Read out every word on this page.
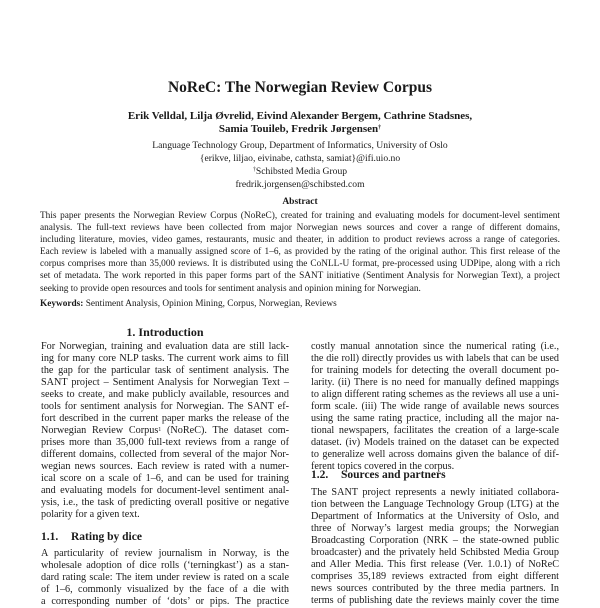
NoReC: The Norwegian Review Corpus
Erik Velldal, Lilja Øvrelid, Eivind Alexander Bergem, Cathrine Stadsnes,
Samia Touileb, Fredrik Jørgensen†
Language Technology Group, Department of Informatics, University of Oslo
{erikve, liljao, eivinabe, cathsta, samiat}@ifi.uio.no
†Schibsted Media Group
fredrik.jorgensen@schibsted.com
Abstract
This paper presents the Norwegian Review Corpus (NoReC), created for training and evaluating models for document-level sentiment
analysis. The full-text reviews have been collected from major Norwegian news sources and cover a range of different domains,
including literature, movies, video games, restaurants, music and theater, in addition to product reviews across a range of categories.
Each review is labeled with a manually assigned score of 1–6, as provided by the rating of the original author. This first release of the
corpus comprises more than 35,000 reviews. It is distributed using the CoNLL-U format, pre-processed using UDPipe, along with a rich
set of metadata. The work reported in this paper forms part of the SANT initiative (Sentiment Analysis for Norwegian Text), a project
seeking to provide open resources and tools for sentiment analysis and opinion mining for Norwegian.
Keywords: Sentiment Analysis, Opinion Mining, Corpus, Norwegian, Reviews
1. Introduction
For Norwegian, training and evaluation data are still lack-
ing for many core NLP tasks. The current work aims to fill
the gap for the particular task of sentiment analysis. The
SANT project – Sentiment Analysis for Norwegian Text –
seeks to create, and make publicly available, resources and
tools for sentiment analysis for Norwegian. The SANT ef-
fort described in the current paper marks the release of the
Norwegian Review Corpus$^1$ (NoReC). The dataset com-
prises more than 35,000 full-text reviews from a range of
different domains, collected from several of the major Nor-
wegian news sources. Each review is rated with a numer-
ical score on a scale of 1–6, and can be used for training
and evaluating models for document-level sentiment anal-
ysis, i.e., the task of predicting overall positive or negative
polarity for a given text.
1.1. Rating by dice
A particularity of review journalism in Norway, is the
wholesale adoption of dice rolls (‘terningkast’) as a stan-
dard rating scale: The item under review is rated on a scale
of 1–6, commonly visualized by the face of a die with
a corresponding number of ‘dots’ or pips. The practice
costly manual annotation since the numerical rating (i.e.,
the die roll) directly provides us with labels that can be used
for training models for detecting the overall document po-
larity. (ii) There is no need for manually defined mappings
to align different rating schemes as the reviews all use a uni-
form scale. (iii) The wide range of available news sources
using the same rating practice, including all the major na-
tional newspapers, facilitates the creation of a large-scale
dataset. (iv) Models trained on the dataset can be expected
to generalize well across domains given the balance of dif-
ferent topics covered in the corpus.
1.2. Sources and partners
The SANT project represents a newly initiated collabora-
tion between the Language Technology Group (LTG) at the
Department of Informatics at the University of Oslo, and
three of Norway’s largest media groups; the Norwegian
Broadcasting Corporation (NRK – the state-owned public
broadcaster) and the privately held Schibsted Media Group
and Aller Media. This first release (Ver. 1.0.1) of NoReC
comprises 35,189 reviews extracted from eight different
news sources contributed by the three media partners. In
terms of publishing date the reviews mainly cover the time
